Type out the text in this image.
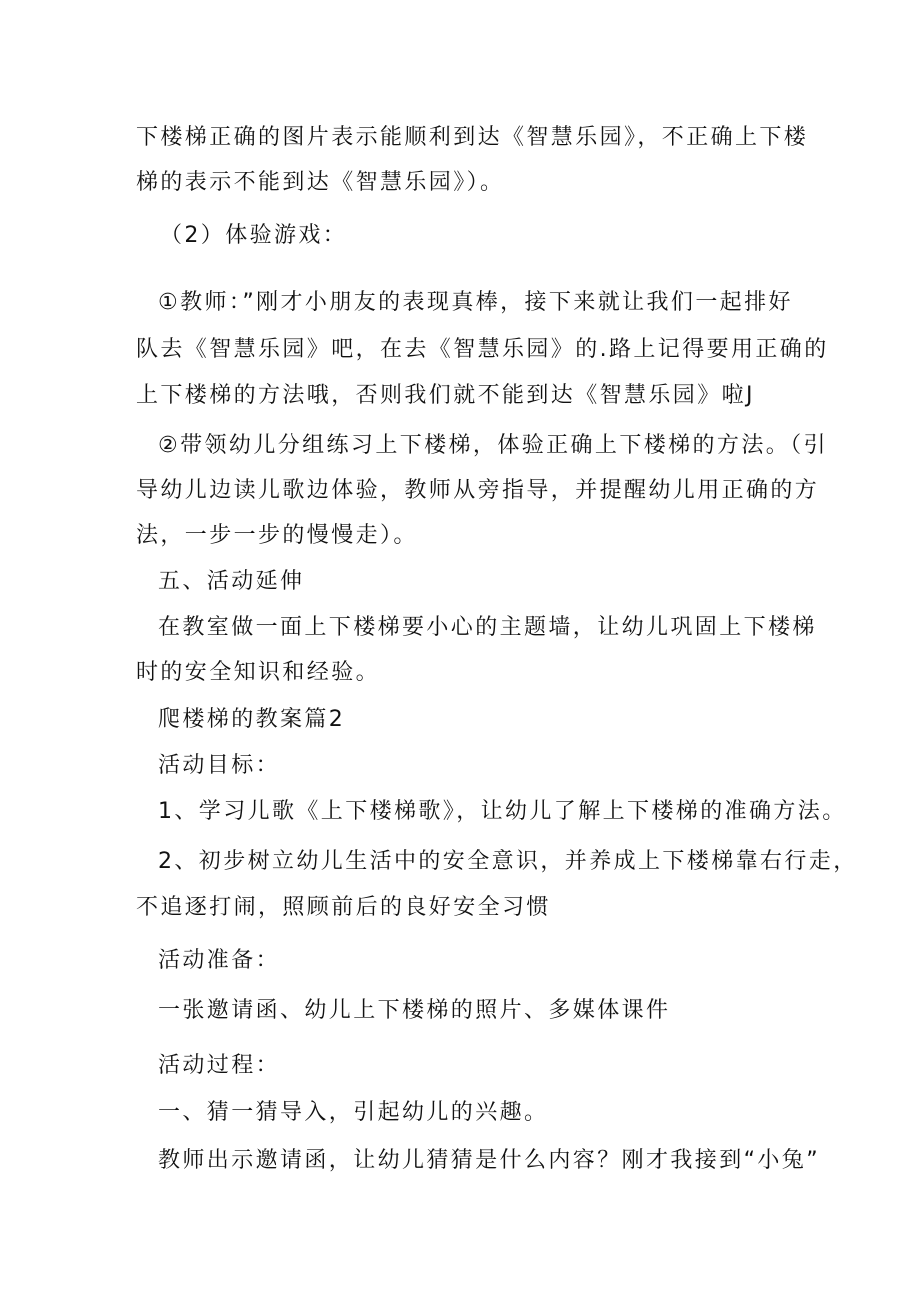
下楼梯正确的图片表示能顺利到达《智慧乐园》，不正确上下楼

梯的表示不能到达《智慧乐园》）。

（2）体验游戏：

①教师：”刚才小朋友的表现真棒，接下来就让我们一起排好

队去《智慧乐园》吧，在去《智慧乐园》的.路上记得要用正确的

上下楼梯的方法哦，否则我们就不能到达《智慧乐园》啦J

②带领幼儿分组练习上下楼梯，体验正确上下楼梯的方法。（引

导幼儿边读儿歌边体验，教师从旁指导，并提醒幼儿用正确的方

法，一步一步的慢慢走）。

五、活动延伸

在教室做一面上下楼梯要小心的主题墙，让幼儿巩固上下楼梯

时的安全知识和经验。

爬楼梯的教案篇2

活动目标：

1、学习儿歌《上下楼梯歌》，让幼儿了解上下楼梯的准确方法。

2、初步树立幼儿生活中的安全意识，并养成上下楼梯靠右行走，

不追逐打闹，照顾前后的良好安全习惯

活动准备：

一张邀请函、幼儿上下楼梯的照片、多媒体课件

活动过程：

一、猜一猜导入，引起幼儿的兴趣。

教师出示邀请函，让幼儿猜猜是什么内容？刚才我接到“小兔”
